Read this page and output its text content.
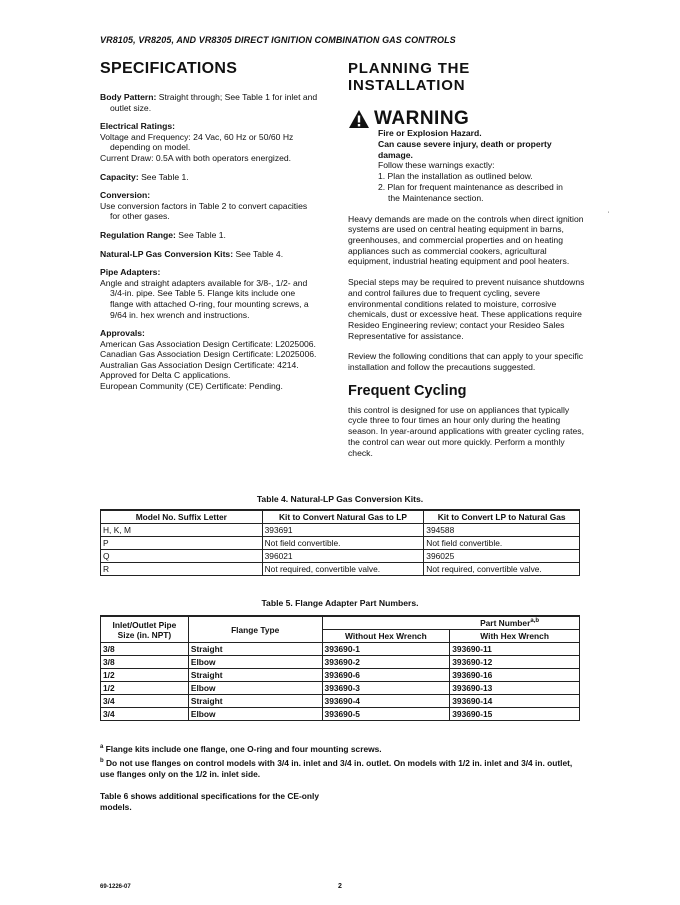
VR8105, VR8205, AND VR8305 DIRECT IGNITION COMBINATION GAS CONTROLS
SPECIFICATIONS
Body Pattern: Straight through; See Table 1 for inlet and
outlet size.
Electrical Ratings:
Voltage and Frequency: 24 Vac, 60 Hz or 50/60 Hz
depending on model.
Current Draw: 0.5A with both operators energized.
Capacity: See Table 1.
Conversion:
Use conversion factors in Table 2 to convert capacities
for other gases.
Regulation Range: See Table 1.
Natural-LP Gas Conversion Kits: See Table 4.
Pipe Adapters:
Angle and straight adapters available for 3/8-, 1/2- and
3/4-in. pipe. See Table 5. Flange kits include one
flange with attached O-ring, four mounting screws, a
9/64 in. hex wrench and instructions.
Approvals:
American Gas Association Design Certificate: L2025006.
Canadian Gas Association Design Certificate: L2025006.
Australian Gas Association Design Certificate: 4214.
Approved for Delta C applications.
European Community (CE) Certificate: Pending.
PLANNING THE INSTALLATION
WARNING
Fire or Explosion Hazard.
Can cause severe injury, death or property
damage.
Follow these warnings exactly:
1. Plan the installation as outlined below.
2. Plan for frequent maintenance as described in
the Maintenance section.

Heavy demands are made on the controls when direct ignition systems are used on central heating equipment in barns, greenhouses, and commercial properties and on heating appliances such as commercial cookers, agricultural equipment, industrial heating equipment and pool heaters.

Special steps may be required to prevent nuisance shutdowns and control failures due to frequent cycling, severe environmental conditions related to moisture, corrosive chemicals, dust or excessive heat. These applications require Resideo Engineering review; contact your Resideo Sales Representative for assistance.

Review the following conditions that can apply to your specific installation and follow the precautions suggested.

Frequent Cycling
this control is designed for use on appliances that typically cycle three to four times an hour only during the heating season. In year-around applications with greater cycling rates, the control can wear out more quickly. Perform a monthly check.
'
Table 4. Natural-LP Gas Conversion Kits.
Model No. Suffix Letter	Kit to Convert Natural Gas to LP	Kit to Convert LP to Natural Gas
H, K, M	393691	394588
P	Not field convertible.	Not field convertible.
Q	396021	396025
R	Not required, convertible valve.	Not required, convertible valve.
Table 5. Flange Adapter Part Numbers.
Inlet/Outlet Pipe
Size (in. NPT)	Flange Type	Part Number$^{a,b}$
		Without Hex Wrench	With Hex Wrench
3/8	Straight	393690-1	393690-11
3/8	Elbow	393690-2	393690-12
1/2	Straight	393690-6	393690-16
1/2	Elbow	393690-3	393690-13
3/4	Straight	393690-4	393690-14
3/4	Elbow	393690-5	393690-15
$^a$ Flange kits include one flange, one O-ring and four mounting screws.
$^b$ Do not use flanges on control models with 3/4 in. inlet and 3/4 in. outlet. On models with 1/2 in. inlet and 3/4 in. outlet, use flanges only on the 1/2 in. inlet side.
Table 6 shows additional specifications for the CE-only models.
69-1226-07	2
